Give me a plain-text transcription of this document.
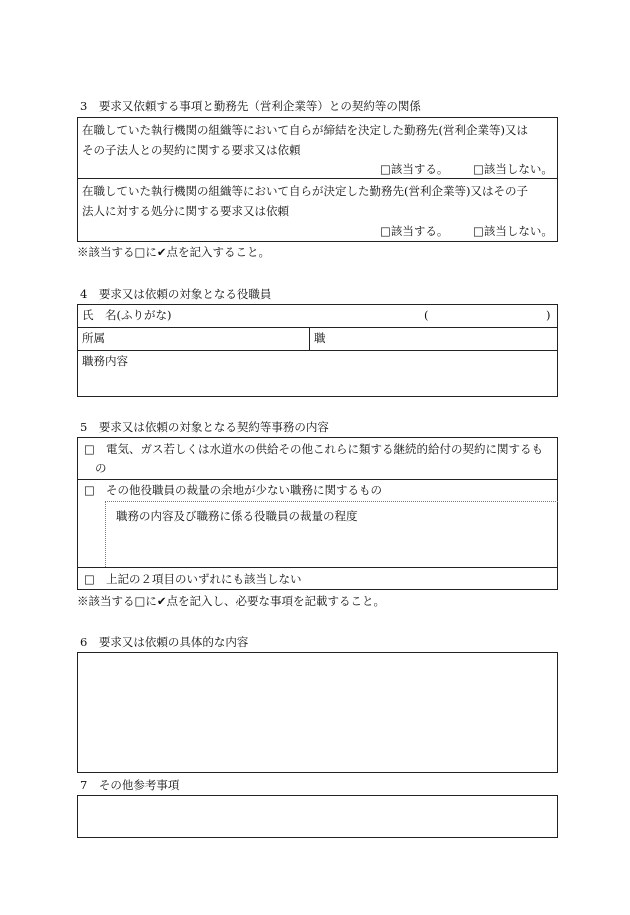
3　要求又依頼する事項と勤務先（営利企業等）との契約等の関係
在職していた執行機関の組織等において自らが締結を決定した勤務先(営利企業等)又は
その子法人との契約に関する要求又は依頼
□該当する。 □該当しない。
在職していた執行機関の組織等において自らが決定した勤務先(営利企業等)又はその子
法人に対する処分に関する要求又は依頼
□該当する。 □該当しない。
※該当する□に✔点を記入すること。
4　要求又は依頼の対象となる役職員
氏　名(ふりがな)	(	)
所属	職
職務内容
5　要求又は依頼の対象となる契約等事務の内容
□ 電気、ガス若しくは水道水の供給その他これらに類する継続的給付の契約に関するも
の
□ その他役職員の裁量の余地が少ない職務に関するもの
職務の内容及び職務に係る役職員の裁量の程度
□ 上記の２項目のいずれにも該当しない
※該当する□に✔点を記入し、必要な事項を記載すること。
6　要求又は依頼の具体的な内容
7　その他参考事項
